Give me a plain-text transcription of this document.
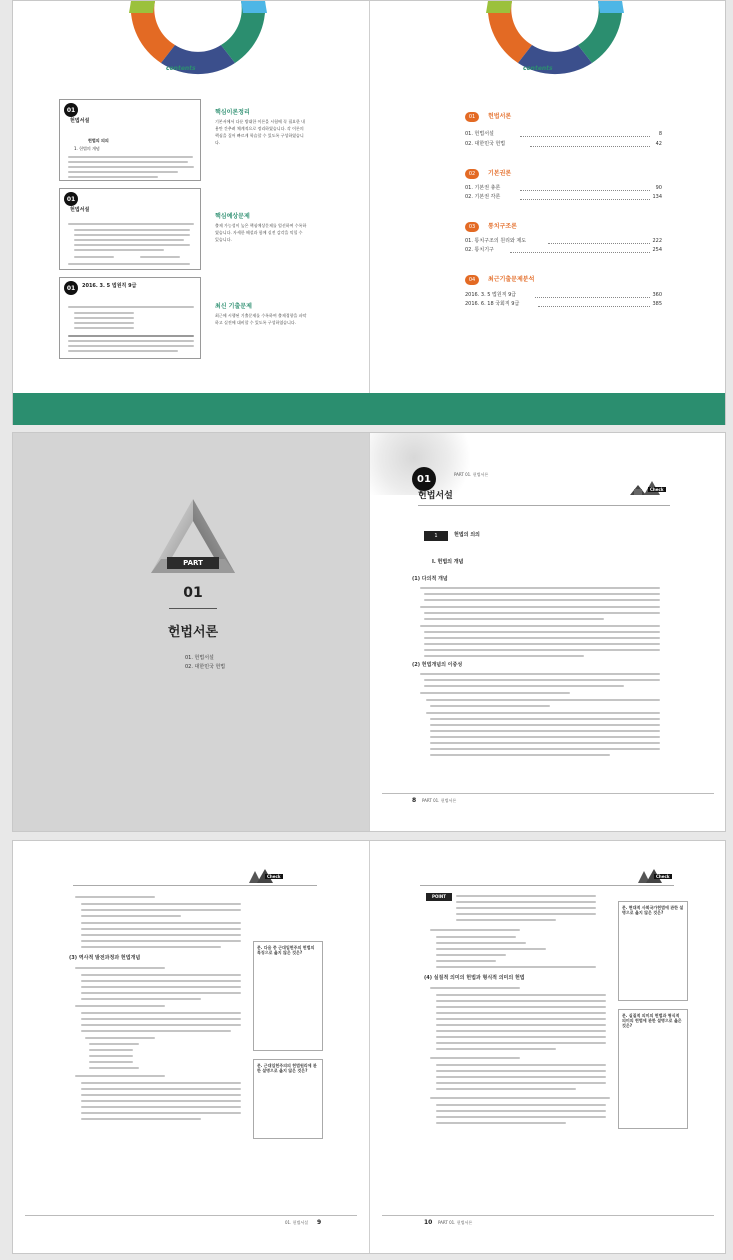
contents
01
헌법서설
헌법의 의의
1. 헌법의 개념
01
헌법서설
01	2016. 3. 5 법원직 9급
핵심이론정리
기본서에서 다룬 방대한 이론을 시험에 꼭 필요한 내용만 간추려 체계적으로 정리하였습니다. 각 이론의 핵심을 짚어 빠르게 학습할 수 있도록 구성하였습니다.
핵심예상문제
출제 가능성이 높은 핵심예상문제를 엄선하여 수록하였습니다. 자세한 해설과 함께 실전 감각을 익힐 수 있습니다.
최신 기출문제
최근에 시행된 기출문제를 수록하여 출제경향을 파악하고 실전에 대비할 수 있도록 구성하였습니다.
contents
01	헌법서론
01. 헌법서설	8
02. 대한민국 헌법	42
02	기본권론
01. 기본권 총론	90
02. 기본권 각론	134
03	통치구조론
01. 통치구조의 원리와 제도	222
02. 통치기구	254
04	최근기출문제분석
2016. 3. 5 법원직 9급	360
2016. 6. 18 국회직 9급	385
PART
01
헌법서론
01. 헌법서설
02. 대한민국 헌법
01	PART 01. 헌법서론
헌법서설
Check
1	헌법의 의의
I. 헌법의 개념
(1) 다의적 개념
(2) 헌법개념의 이중성
8 PART 01. 헌법서론
Check
(3) 역사적 발전과정과 헌법개념
문. 다음 중 근대입헌주의 헌법의 특징으로 옳지 않은 것은?
문. 근대입헌주의의 헌법원리에 관한 설명으로 옳지 않은 것은?
01. 헌법서설 9
Check
POINT
(4) 실질적 의미의 헌법과 형식적 의미의 헌법
문. 현대적 사회국가헌법에 관한 설명으로 옳지 않은 것은?
문. 실질적 의미의 헌법과 형식적 의미의 헌법에 관한 설명으로 옳은 것은?
10 PART 01. 헌법서론
